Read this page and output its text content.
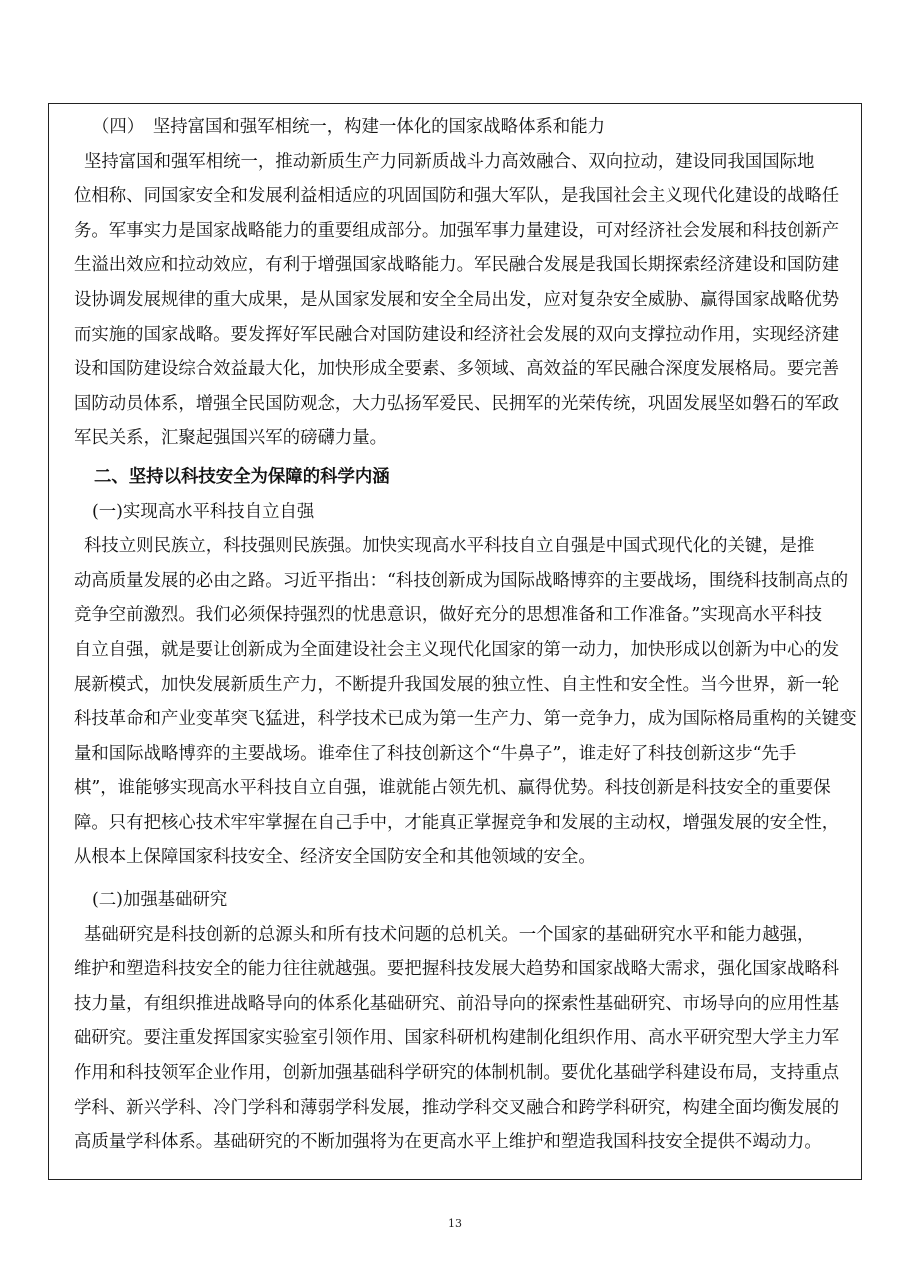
（四）　坚持富国和强军相统一，构建一体化的国家战略体系和能力
坚持富国和强军相统一，推动新质生产力同新质战斗力高效融合、双向拉动，建设同我国国际地
位相称、同国家安全和发展利益相适应的巩固国防和强大军队，是我国社会主义现代化建设的战略任
务。军事实力是国家战略能力的重要组成部分。加强军事力量建设，可对经济社会发展和科技创新产
生溢出效应和拉动效应，有利于增强国家战略能力。军民融合发展是我国长期探索经济建设和国防建
设协调发展规律的重大成果，是从国家发展和安全全局出发，应对复杂安全威胁、赢得国家战略优势
而实施的国家战略。要发挥好军民融合对国防建设和经济社会发展的双向支撑拉动作用，实现经济建
设和国防建设综合效益最大化，加快形成全要素、多领域、高效益的军民融合深度发展格局。要完善
国防动员体系，增强全民国防观念，大力弘扬军爱民、民拥军的光荣传统，巩固发展坚如磐石的军政
军民关系，汇聚起强国兴军的磅礴力量。
二、坚持以科技安全为保障的科学内涵
(一)实现高水平科技自立自强
科技立则民族立，科技强则民族强。加快实现高水平科技自立自强是中国式现代化的关键，是推
动高质量发展的必由之路。习近平指出：“科技创新成为国际战略博弈的主要战场，围绕科技制高点的
竞争空前激烈。我们必须保持强烈的忧患意识，做好充分的思想准备和工作准备。”实现高水平科技
自立自强，就是要让创新成为全面建设社会主义现代化国家的第一动力，加快形成以创新为中心的发
展新模式，加快发展新质生产力，不断提升我国发展的独立性、自主性和安全性。当今世界，新一轮
科技革命和产业变革突飞猛进，科学技术已成为第一生产力、第一竞争力，成为国际格局重构的关键变
量和国际战略博弈的主要战场。谁牵住了科技创新这个“牛鼻子”，谁走好了科技创新这步“先手
棋”，谁能够实现高水平科技自立自强，谁就能占领先机、赢得优势。科技创新是科技安全的重要保
障。只有把核心技术牢牢掌握在自己手中，才能真正掌握竞争和发展的主动权，增强发展的安全性，
从根本上保障国家科技安全、经济安全国防安全和其他领域的安全。
(二)加强基础研究
基础研究是科技创新的总源头和所有技术问题的总机关。一个国家的基础研究水平和能力越强，
维护和塑造科技安全的能力往往就越强。要把握科技发展大趋势和国家战略大需求，强化国家战略科
技力量，有组织推进战略导向的体系化基础研究、前沿导向的探索性基础研究、市场导向的应用性基
础研究。要注重发挥国家实验室引领作用、国家科研机构建制化组织作用、高水平研究型大学主力军
作用和科技领军企业作用，创新加强基础科学研究的体制机制。要优化基础学科建设布局，支持重点
学科、新兴学科、冷门学科和薄弱学科发展，推动学科交叉融合和跨学科研究，构建全面均衡发展的
高质量学科体系。基础研究的不断加强将为在更高水平上维护和塑造我国科技安全提供不竭动力。
13
